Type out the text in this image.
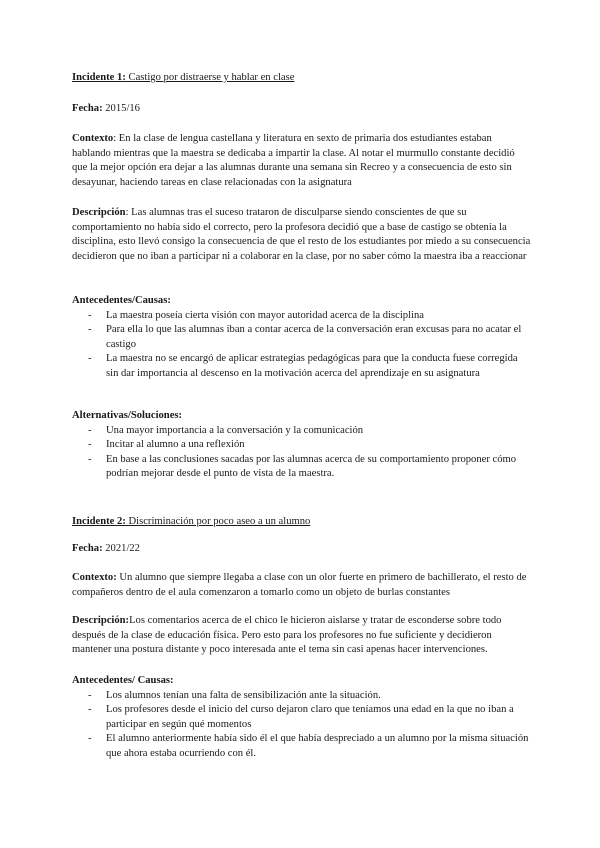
Incidente 1: Castigo por distraerse y hablar en clase
Fecha: 2015/16

Contexto: En la clase de lengua castellana y literatura en sexto de primaria dos estudiantes estaban hablando mientras que la maestra se dedicaba a impartir la clase. Al notar el murmullo constante decidió que la mejor opción era dejar a las alumnas durante una semana sin Recreo y a consecuencia de esto sin desayunar, haciendo tareas en clase relacionadas con la asignatura

Descripción: Las alumnas tras el suceso trataron de disculparse siendo conscientes de que su comportamiento no había sido el correcto, pero la profesora decidió que a base de castigo se obtenía la disciplina, esto llevó consigo la consecuencia de que el resto de los estudiantes por miedo a su consecuencia decidieron que no iban a participar ni a colaborar en la clase, por no saber cómo la maestra iba a reaccionar

Antecedentes/Causas:
- La maestra poseía cierta visión con mayor autoridad acerca de la disciplina
- Para ella lo que las alumnas iban a contar acerca de la conversación eran excusas para no acatar el castigo
- La maestra no se encargó de aplicar estrategias pedagógicas para que la conducta fuese corregida sin dar importancia al descenso en la motivación acerca del aprendizaje en su asignatura
Alternativas/Soluciones:
- Una mayor importancia a la conversación y la comunicación
- Incitar al alumno a una reflexión
- En base a las conclusiones sacadas por las alumnas acerca de su comportamiento proponer cómo podrían mejorar desde el punto de vista de la maestra.
Incidente 2: Discriminación por poco aseo a un alumno
Fecha: 2021/22

Contexto: Un alumno que siempre llegaba a clase con un olor fuerte en primero de bachillerato, el resto de compañeros dentro de el aula comenzaron a tomarlo como un objeto de burlas constantes

Descripción:Los comentarios acerca de el chico le hicieron aislarse y tratar de esconderse sobre todo después de la clase de educación física. Pero esto para los profesores no fue suficiente y decidieron mantener una postura distante y poco interesada ante el tema sin casi apenas hacer intervenciones.

Antecedentes/ Causas:
- Los alumnos tenían una falta de sensibilización ante la situación.
- Los profesores desde el inicio del curso dejaron claro que teníamos una edad en la que no iban a participar en según qué momentos
- El alumno anteriormente había sido él el que había despreciado a un alumno por la misma situación que ahora estaba ocurriendo con él.
